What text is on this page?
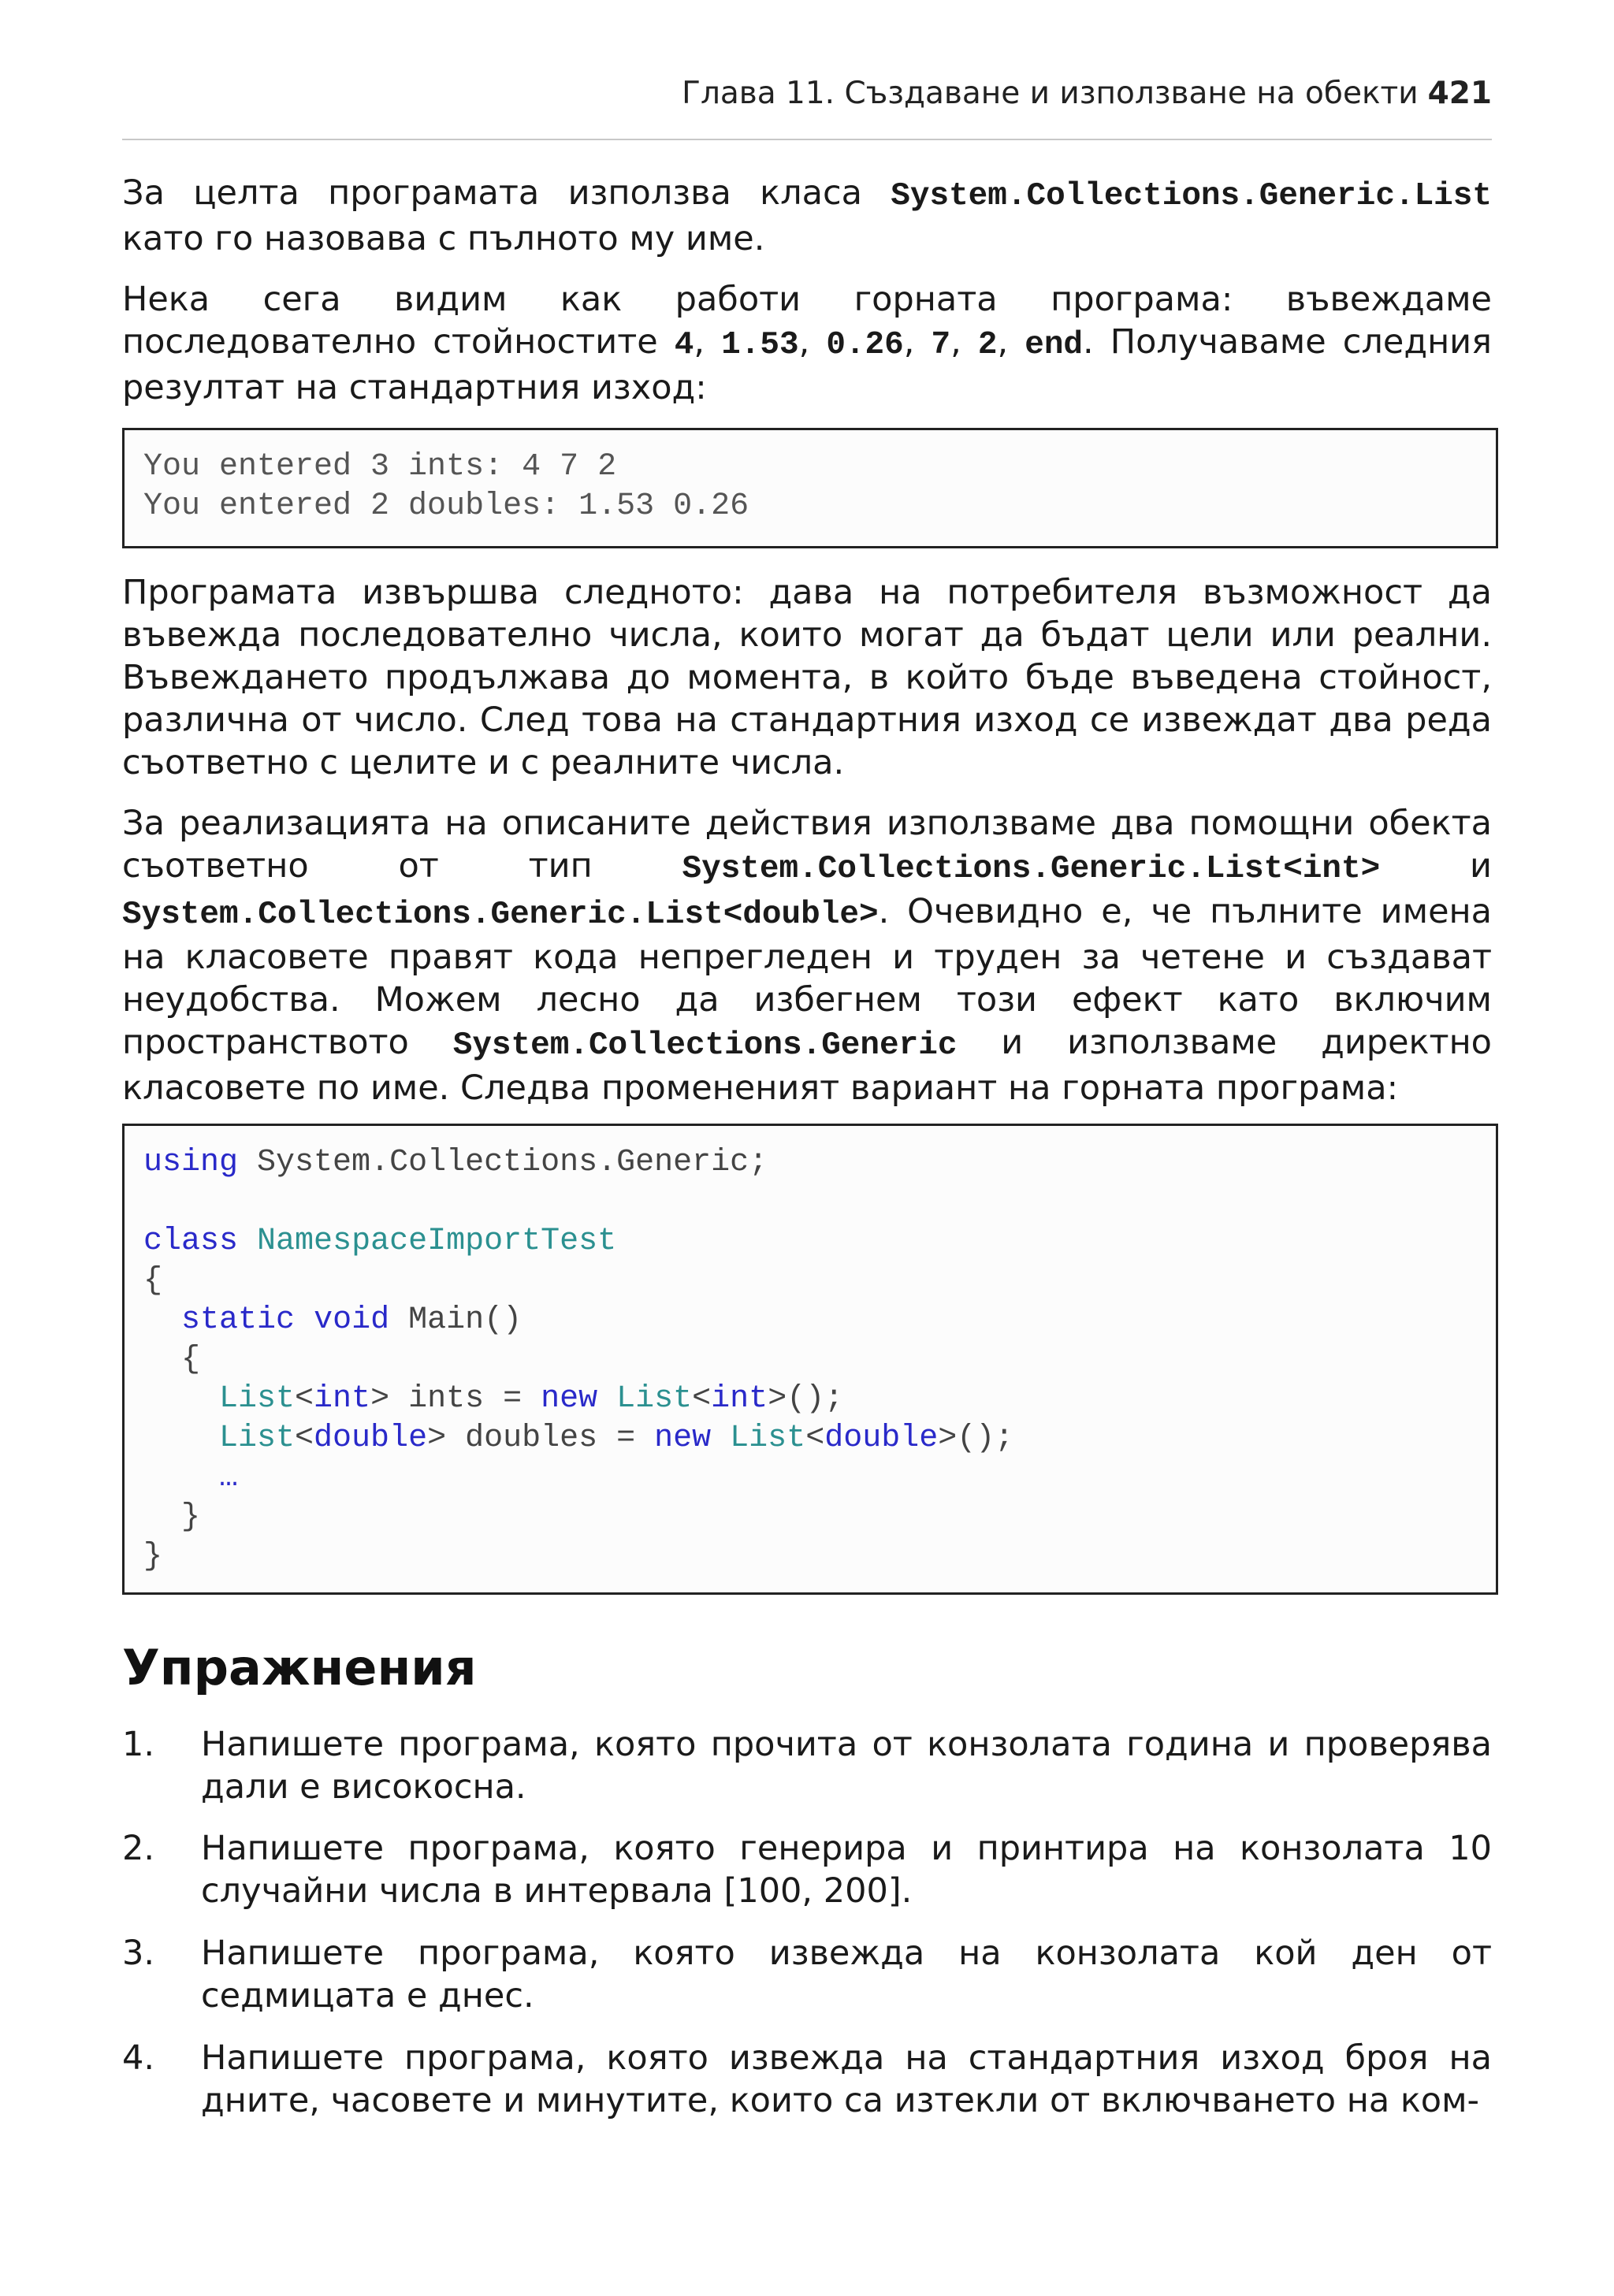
Глава 11. Създаване и използване на обекти 421
За целта програмата използва класа System.Collections.Generic.List като го назовава с пълното му име.
Нека сега видим как работи горната програма: въвеждаме последователно стойностите 4, 1.53, 0.26, 7, 2, end. Получаваме следния резултат на стандартния изход:
You entered 3 ints: 4 7 2
You entered 2 doubles: 1.53 0.26
Програмата извършва следното: дава на потребителя възможност да въвежда последователно числа, които могат да бъдат цели или реални. Въвеждането продължава до момента, в който бъде въведена стойност, различна от число. След това на стандартния изход се извеждат два реда съответно с целите и с реалните числа.
За реализацията на описаните действия използваме два помощни обекта съответно от тип System.Collections.Generic.List<int> и System.Collections.Generic.List<double>. Очевидно е, че пълните имена на класовете правят кода непрегледен и труден за четене и създават неудобства. Можем лесно да избегнем този ефект като включим пространството System.Collections.Generic и използваме директно класовете по име. Следва промененият вариант на горната програма:
using System.Collections.Generic;

class NamespaceImportTest
{
static void Main()
{
List<int> ints = new List<int>();
List<double> doubles = new List<double>();
…
}
}
Упражнения
1. Напишете програма, която прочита от конзолата година и проверява дали е високосна.
2. Напишете програма, която генерира и принтира на конзолата 10 случайни числа в интервала [100, 200].
3. Напишете програма, която извежда на конзолата кой ден от седмицата е днес.
4. Напишете програма, която извежда на стандартния изход броя на дните, часовете и минутите, които са изтекли от включването на ком-
